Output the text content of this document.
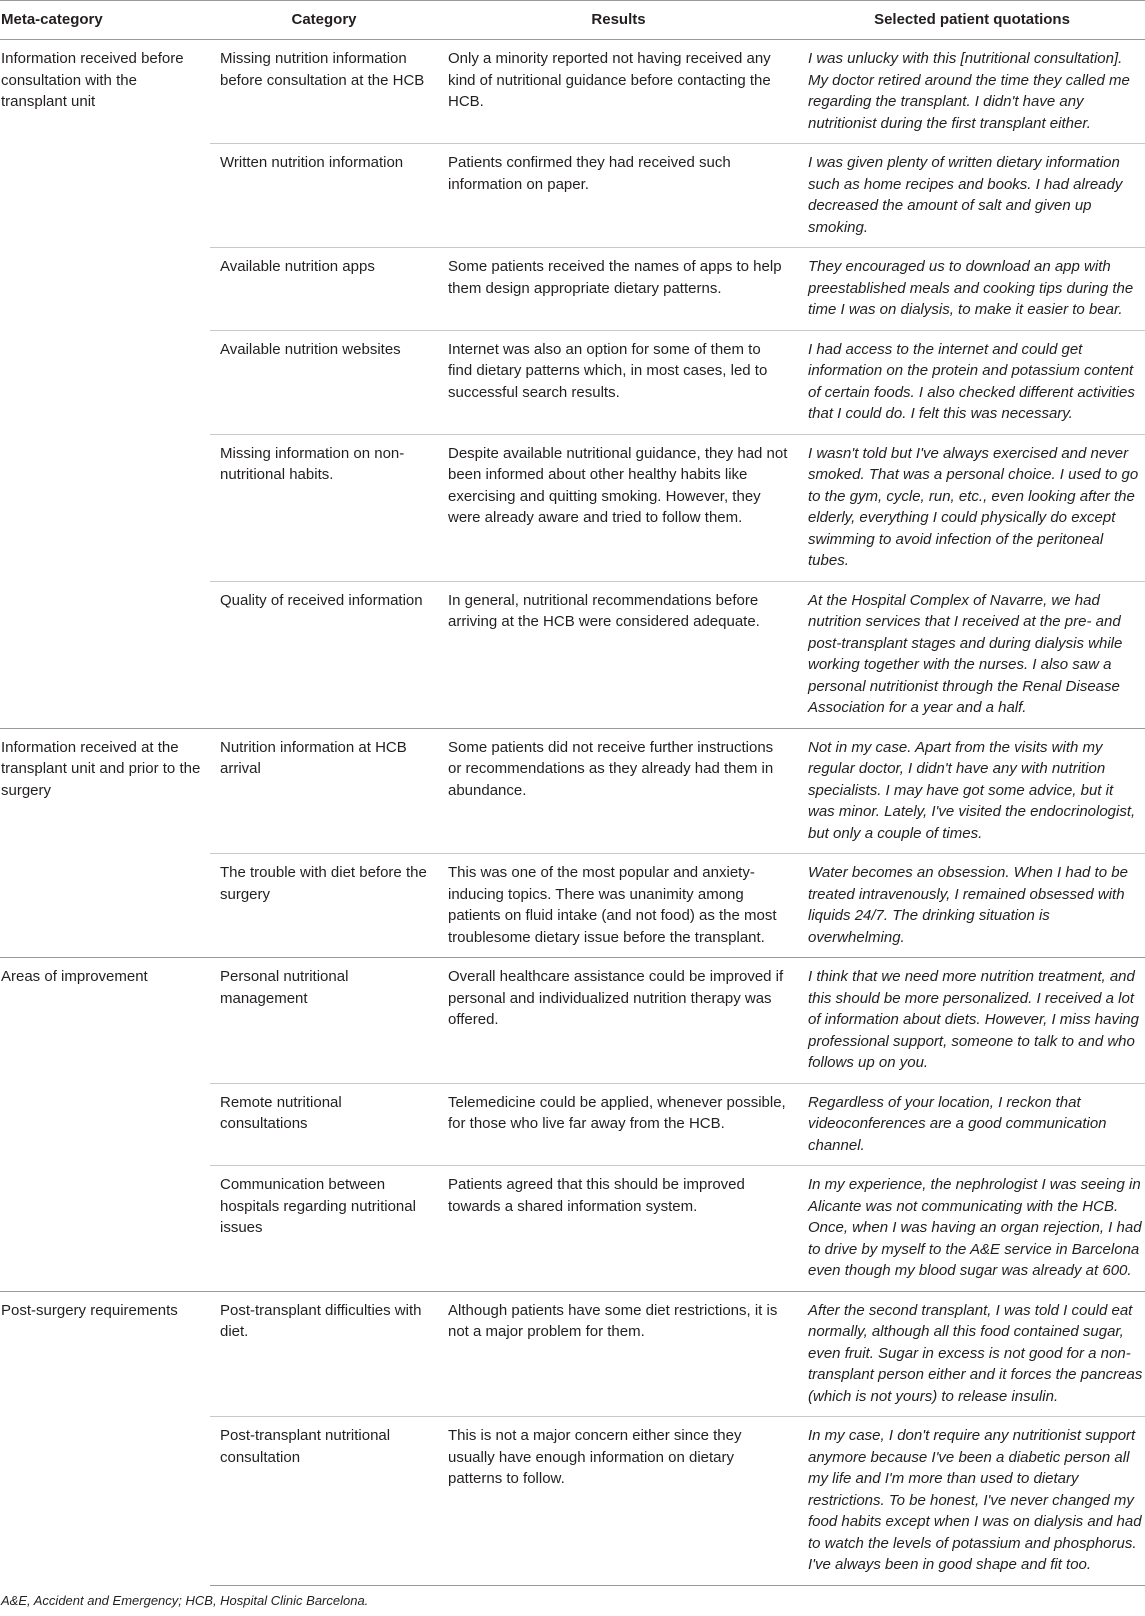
Meta-category	Category	Results	Selected patient quotations
Information received before consultation with the transplant unit	Missing nutrition information before consultation at the HCB	Only a minority reported not having received any kind of nutritional guidance before contacting the HCB.	I was unlucky with this [nutritional consultation]. My doctor retired around the time they called me regarding the transplant. I didn't have any nutritionist during the first transplant either.
	Written nutrition information	Patients confirmed they had received such information on paper.	I was given plenty of written dietary information such as home recipes and books. I had already decreased the amount of salt and given up smoking.
	Available nutrition apps	Some patients received the names of apps to help them design appropriate dietary patterns.	They encouraged us to download an app with preestablished meals and cooking tips during the time I was on dialysis, to make it easier to bear.
	Available nutrition websites	Internet was also an option for some of them to find dietary patterns which, in most cases, led to successful search results.	I had access to the internet and could get information on the protein and potassium content of certain foods. I also checked different activities that I could do. I felt this was necessary.
	Missing information on non-nutritional habits.	Despite available nutritional guidance, they had not been informed about other healthy habits like exercising and quitting smoking. However, they were already aware and tried to follow them.	I wasn't told but I've always exercised and never smoked. That was a personal choice. I used to go to the gym, cycle, run, etc., even looking after the elderly, everything I could physically do except swimming to avoid infection of the peritoneal tubes.
	Quality of received information	In general, nutritional recommendations before arriving at the HCB were considered adequate.	At the Hospital Complex of Navarre, we had nutrition services that I received at the pre- and post-transplant stages and during dialysis while working together with the nurses. I also saw a personal nutritionist through the Renal Disease Association for a year and a half.
Information received at the transplant unit and prior to the surgery	Nutrition information at HCB arrival	Some patients did not receive further instructions or recommendations as they already had them in abundance.	Not in my case. Apart from the visits with my regular doctor, I didn't have any with nutrition specialists. I may have got some advice, but it was minor. Lately, I've visited the endocrinologist, but only a couple of times.
	The trouble with diet before the surgery	This was one of the most popular and anxiety-inducing topics. There was unanimity among patients on fluid intake (and not food) as the most troublesome dietary issue before the transplant.	Water becomes an obsession. When I had to be treated intravenously, I remained obsessed with liquids 24/7. The drinking situation is overwhelming.
Areas of improvement	Personal nutritional management	Overall healthcare assistance could be improved if personal and individualized nutrition therapy was offered.	I think that we need more nutrition treatment, and this should be more personalized. I received a lot of information about diets. However, I miss having professional support, someone to talk to and who follows up on you.
	Remote nutritional consultations	Telemedicine could be applied, whenever possible, for those who live far away from the HCB.	Regardless of your location, I reckon that videoconferences are a good communication channel.
	Communication between hospitals regarding nutritional issues	Patients agreed that this should be improved towards a shared information system.	In my experience, the nephrologist I was seeing in Alicante was not communicating with the HCB. Once, when I was having an organ rejection, I had to drive by myself to the A&E service in Barcelona even though my blood sugar was already at 600.
Post-surgery requirements	Post-transplant difficulties with diet.	Although patients have some diet restrictions, it is not a major problem for them.	After the second transplant, I was told I could eat normally, although all this food contained sugar, even fruit. Sugar in excess is not good for a non-transplant person either and it forces the pancreas (which is not yours) to release insulin.
	Post-transplant nutritional consultation	This is not a major concern either since they usually have enough information on dietary patterns to follow.	In my case, I don't require any nutritionist support anymore because I've been a diabetic person all my life and I'm more than used to dietary restrictions. To be honest, I've never changed my food habits except when I was on dialysis and had to watch the levels of potassium and phosphorus. I've always been in good shape and fit too.
A&E, Accident and Emergency; HCB, Hospital Clinic Barcelona.
